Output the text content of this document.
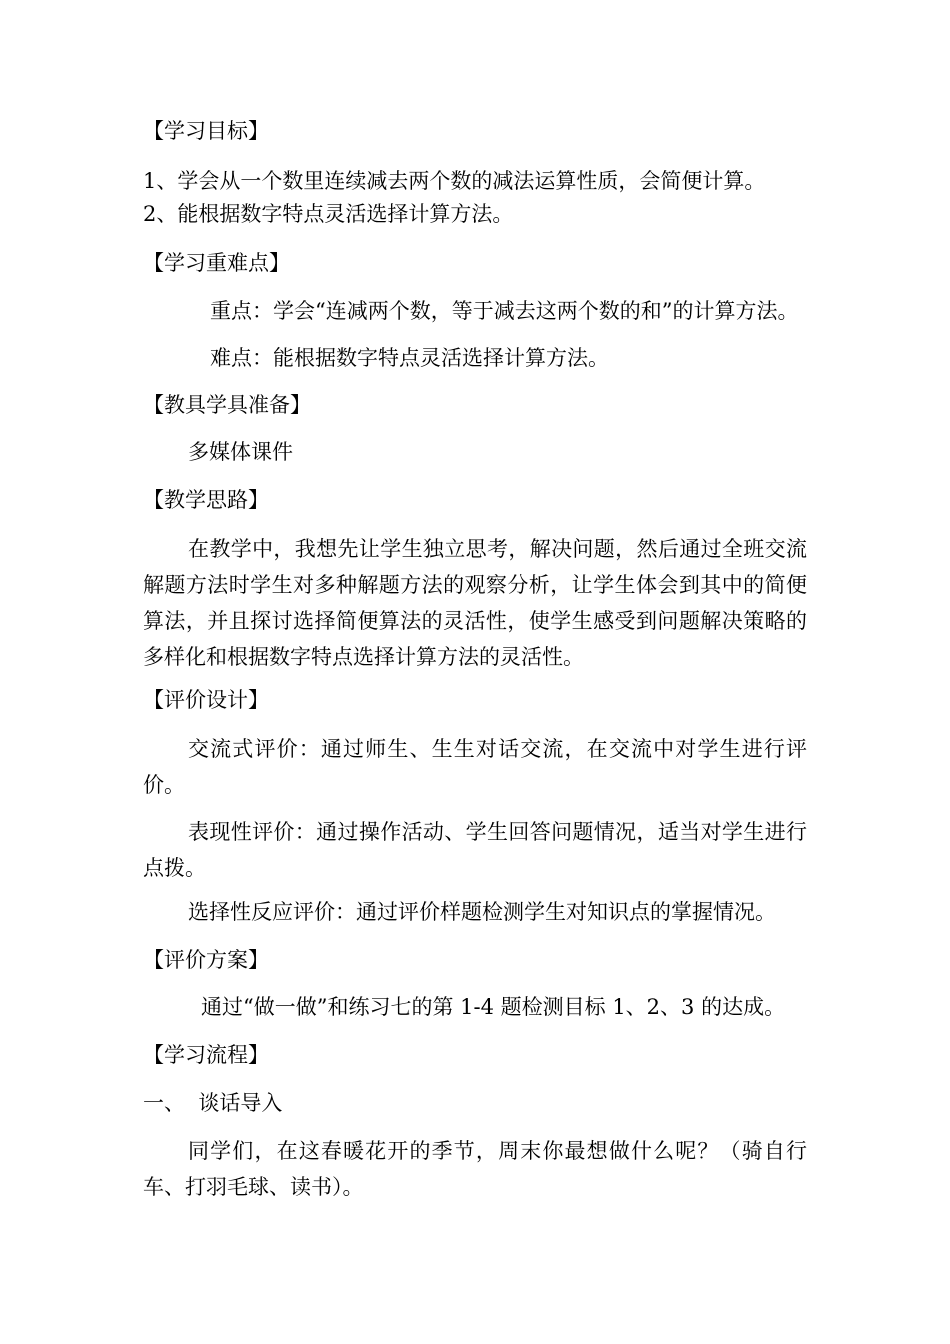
【学习目标】

1、学会从一个数里连续减去两个数的减法运算性质，会简便计算。

2、能根据数字特点灵活选择计算方法。

【学习重难点】

重点：学会“连减两个数，等于减去这两个数的和”的计算方法。

难点：能根据数字特点灵活选择计算方法。

【教具学具准备】

多媒体课件

【教学思路】

在教学中，我想先让学生独立思考，解决问题，然后通过全班交流解题方法时学生对多种解题方法的观察分析，让学生体会到其中的简便算法，并且探讨选择简便算法的灵活性，使学生感受到问题解决策略的多样化和根据数字特点选择计算方法的灵活性。

【评价设计】

交流式评价：通过师生、生生对话交流，在交流中对学生进行评价。

表现性评价：通过操作活动、学生回答问题情况，适当对学生进行点拨。

选择性反应评价：通过评价样题检测学生对知识点的掌握情况。

【评价方案】

通过“做一做”和练习七的第 1-4 题检测目标 1、2、3 的达成。

【学习流程】

一、  谈话导入

同学们，在这春暖花开的季节，周末你最想做什么呢？（骑自行车、打羽毛球、读书）。
